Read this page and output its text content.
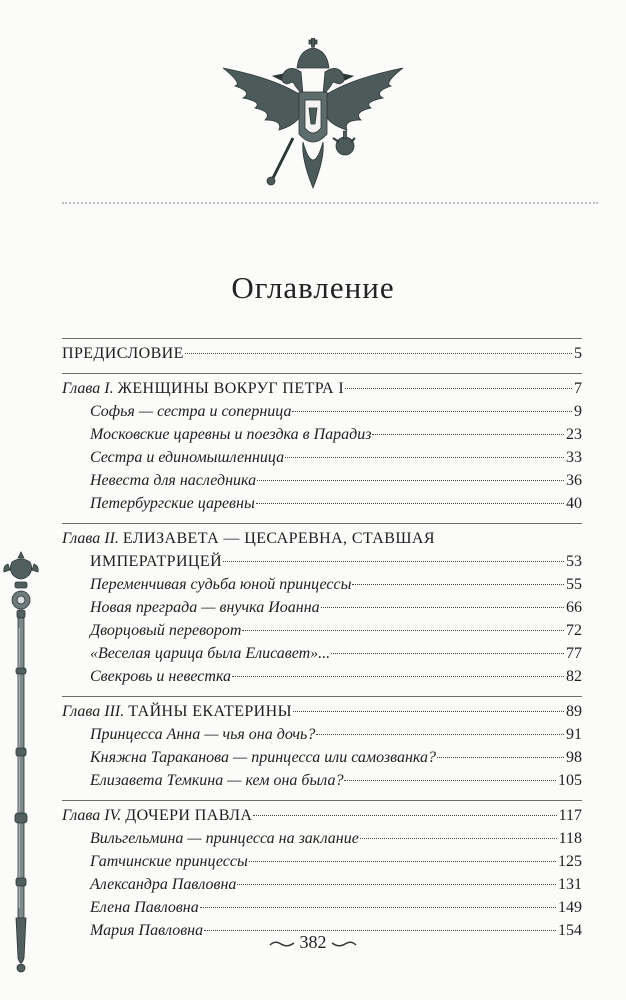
Оглавление
ПРЕДИСЛОВИЕ	5
Глава I. ЖЕНЩИНЫ ВОКРУГ ПЕТРА I	7
Софья — сестра и соперница	9
Московские царевны и поездка в Парадиз	23
Сестра и единомышленница	33
Невеста для наследника	36
Петербургские царевны	40
Глава II. ЕЛИЗАВЕТА — ЦЕСАРЕВНА, СТАВШАЯ
ИМПЕРАТРИЦЕЙ	53
Переменчивая судьба юной принцессы	55
Новая преграда — внучка Иоанна	66
Дворцовый переворот	72
«Веселая царица была Елисавет»...	77
Свекровь и невестка	82
Глава III. ТАЙНЫ ЕКАТЕРИНЫ	89
Принцесса Анна — чья она дочь?	91
Княжна Тараканова — принцесса или самозванка?	98
Елизавета Темкина — кем она была?	105
Глава IV. ДОЧЕРИ ПАВЛА	117
Вильгельмина — принцесса на заклание	118
Гатчинские принцессы	125
Александра Павловна	131
Елена Павловна	149
Мария Павловна	154
382
